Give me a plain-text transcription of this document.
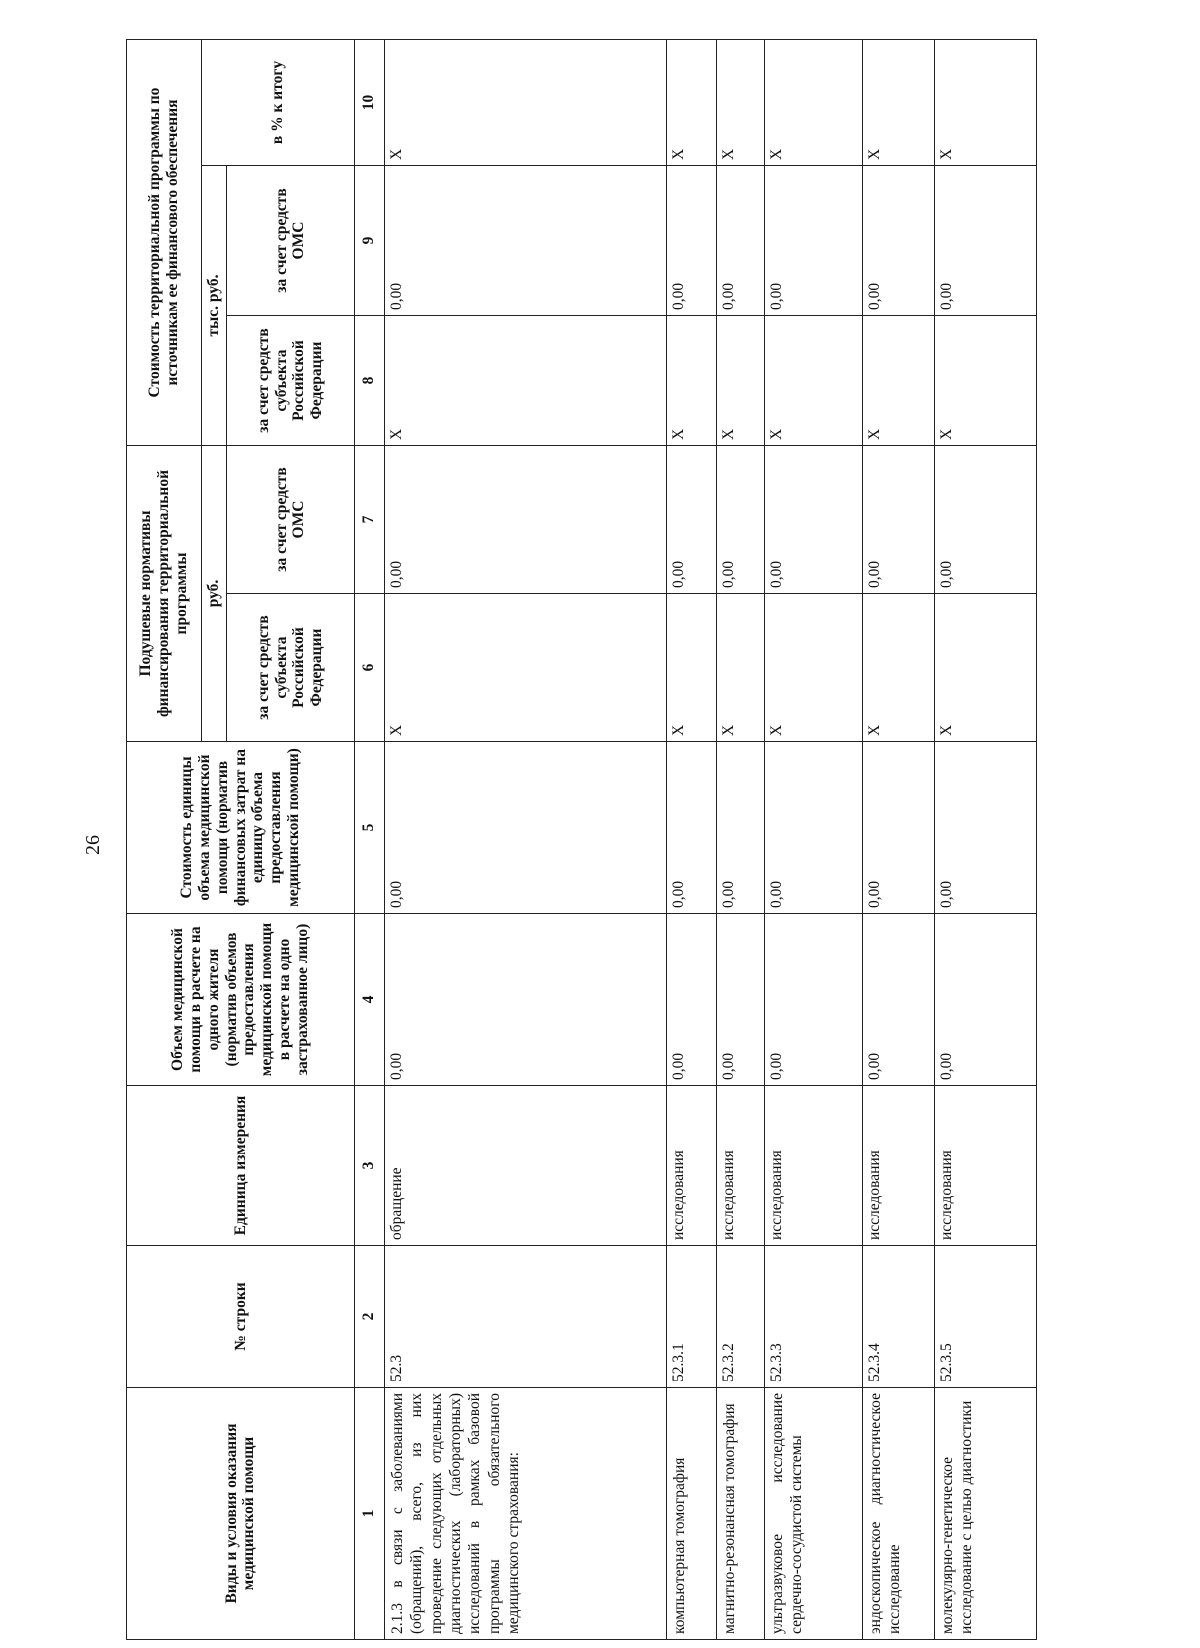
26
Виды и условия оказания медицинской помощи	№ строки	Единица измерения	Объем медицинской помощи в расчете на одного жителя (норматив объемов предоставления медицинской помощи в расчете на одно застрахованное лицо)	Стоимость единицы объема медицинской помощи (норматив финансовых затрат на единицу объема предоставления медицинской помощи)	Подушевые нормативы финансирования территориальной программы		Стоимость территориальной программы по источникам ее финансового обеспечения		
					руб.		тыс. руб.		в % к итогу
					за счет средств субъекта Российской Федерации	за счет средств ОМС	за счет средств субъекта Российской Федерации	за счет средств ОМС	
1	2	3	4	5	6	7	8	9	10
2.1.3 в связи с заболеваниями (обращений), всего, из них проведение следующих отдельных диагностических (лабораторных) исследований в рамках базовой программы обязательного медицинского страхования:	52.3	обращение	0,00	0,00	X	0,00	X	0,00	X
компьютерная томография	52.3.1	исследования	0,00	0,00	X	0,00	X	0,00	X
магнитно-резонансная томография	52.3.2	исследования	0,00	0,00	X	0,00	X	0,00	X
ультразвуковое исследование сердечно-сосудистой системы	52.3.3	исследования	0,00	0,00	X	0,00	X	0,00	X
эндоскопическое диагностическое исследование	52.3.4	исследования	0,00	0,00	X	0,00	X	0,00	X
молекулярно-генетическое исследование с целью диагностики	52.3.5	исследования	0,00	0,00	X	0,00	X	0,00	X
